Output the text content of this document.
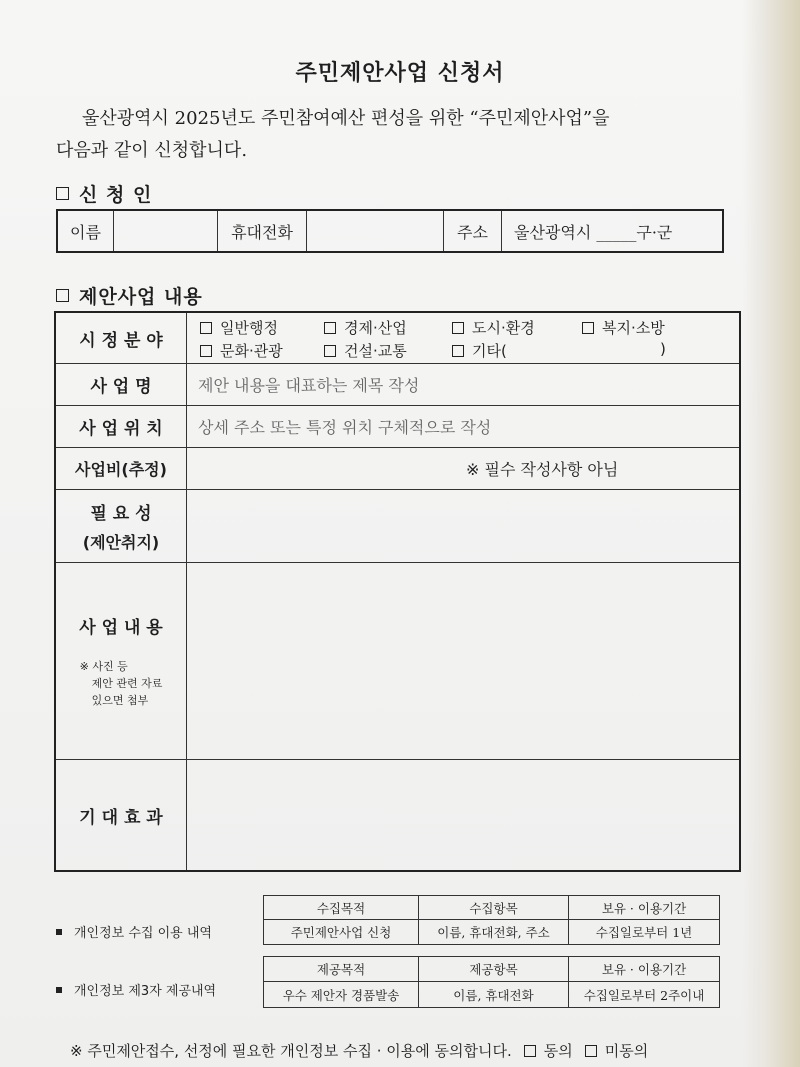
주민제안사업 신청서
울산광역시 2025년도 주민참여예산 편성을 위한 “주민제안사업”을
다음과 같이 신청합니다.
신 청 인
이름	휴대전화	주소	울산광역시 _____구·군
제안사업 내용
시 정 분 야
일반행정	경제·산업	도시·환경	복지·소방
문화·관광	건설·교통	기타(	)
사 업 명	제안 내용을 대표하는 제목 작성
사 업 위 치	상세 주소 또는 특정 위치 구체적으로 작성
사업비(추정)	※ 필수 작성사항 아님
필 요 성
(제안취지)
사 업 내 용
※ 사진 등
제안 관련 자료
있으면 첨부
기 대 효 과
개인정보 수집 이용 내역
수집목적	수집항목	보유 · 이용기간
주민제안사업 신청	이름, 휴대전화, 주소	수집일로부터 1년
개인정보 제3자 제공내역
제공목적	제공항목	보유 · 이용기간
우수 제안자 경품발송	이름, 휴대전화	수집일로부터 2주이내
※ 주민제안접수, 선정에 필요한 개인정보 수집 · 이용에 동의합니다. 동의 미동의
